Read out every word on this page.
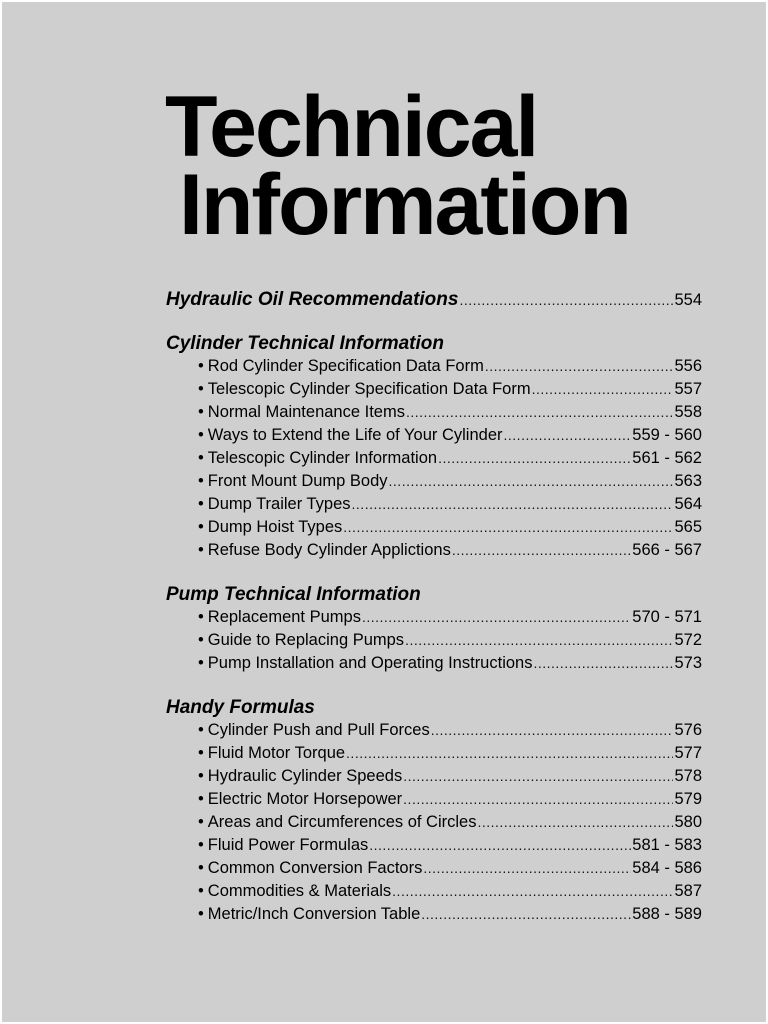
Technical
Information
Hydraulic Oil Recommendations .....	554
Cylinder Technical Information
• Rod Cylinder Specification Data Form .....	556
• Telescopic Cylinder Specification Data Form .....	557
• Normal Maintenance Items .....	558
• Ways to Extend the Life of Your Cylinder .....	559 - 560
• Telescopic Cylinder Information .....	561 - 562
• Front Mount Dump Body .....	563
• Dump Trailer Types .....	564
• Dump Hoist Types .....	565
• Refuse Body Cylinder Applictions .....	566 - 567
Pump Technical Information
• Replacement Pumps .....	570 - 571
• Guide to Replacing Pumps .....	572
• Pump Installation and Operating Instructions .....	573
Handy Formulas
• Cylinder Push and Pull Forces .....	576
• Fluid Motor Torque .....	577
• Hydraulic Cylinder Speeds .....	578
• Electric Motor Horsepower .....	579
• Areas and Circumferences of Circles .....	580
• Fluid Power Formulas .....	581 - 583
• Common Conversion Factors .....	584 - 586
• Commodities & Materials .....	587
• Metric/Inch Conversion Table .....	588 - 589
